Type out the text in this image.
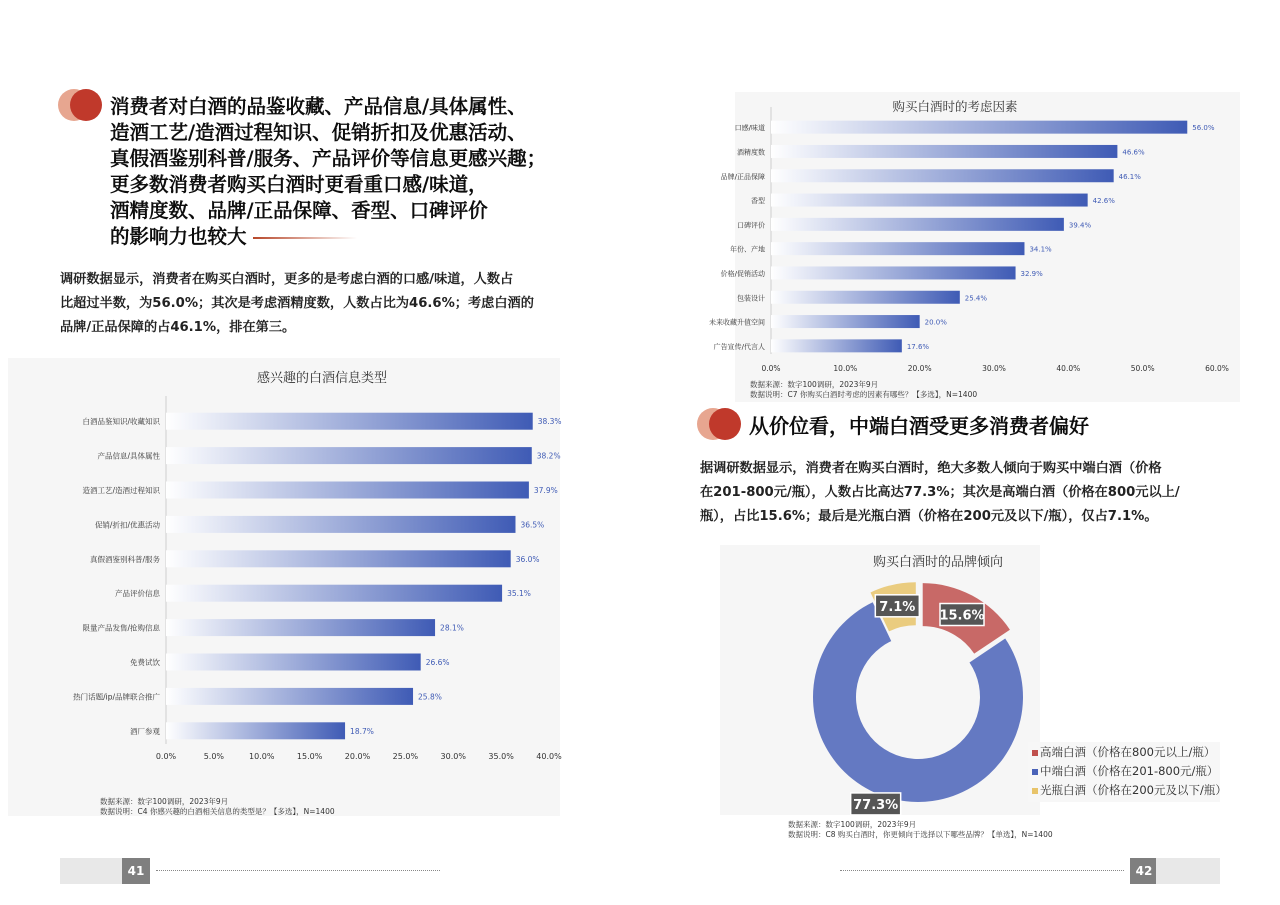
消费者对白酒的品鉴收藏、产品信息/具体属性、
造酒工艺/造酒过程知识、促销折扣及优惠活动、
真假酒鉴别科普/服务、产品评价等信息更感兴趣；
更多数消费者购买白酒时更看重口感/味道，
酒精度数、品牌/正品保障、香型、口碑评价
的影响力也较大
调研数据显示，消费者在购买白酒时，更多的是考虑白酒的口感/味道，人数占
比超过半数，为56.0%；其次是考虑酒精度数，人数占比为46.6%；考虑白酒的
品牌/正品保障的占46.1%，排在第三。
感兴趣的白酒信息类型
白酒品鉴知识/收藏知识	38.3%
产品信息/具体属性	38.2%
造酒工艺/造酒过程知识	37.9%
促销/折扣/优惠活动	36.5%
真假酒鉴别科普/服务	36.0%
产品评价信息	35.1%
限量产品发售/抢购信息	28.1%
免费试饮	26.6%
热门话题/ip/品牌联合推广	25.8%
酒厂参观	18.7%
0.0%	5.0%	10.0%	15.0%	20.0%	25.0%	30.0%	35.0%	40.0%
数据来源：数字100调研，2023年9月
数据说明：C4 你感兴趣的白酒相关信息的类型是？【多选】，N=1400
41
购买白酒时的考虑因素
口感/味道	56.0%
酒精度数	46.6%
品牌/正品保障	46.1%
香型	42.6%
口碑评价	39.4%
年份、产地	34.1%
价格/促销活动	32.9%
包装设计	25.4%
未来收藏升值空间	20.0%
广告宣传/代言人	17.6%
0.0%	10.0%	20.0%	30.0%	40.0%	50.0%	60.0%
数据来源：数字100调研，2023年9月
数据说明：C7 你购买白酒时考虑的因素有哪些？【多选】，N=1400
从价位看，中端白酒受更多消费者偏好
据调研数据显示，消费者在购买白酒时，绝大多数人倾向于购买中端白酒（价格
在201-800元/瓶），人数占比高达77.3%；其次是高端白酒（价格在800元以上/
瓶），占比15.6%；最后是光瓶白酒（价格在200元及以下/瓶），仅占7.1%。
购买白酒时的品牌倾向
15.6%
77.3%
7.1%
高端白酒（价格在800元以上/瓶）
中端白酒（价格在201-800元/瓶）
光瓶白酒（价格在200元及以下/瓶）
数据来源：数字100调研，2023年9月
数据说明：C8 购买白酒时，你更倾向于选择以下哪些品牌？【单选】，N=1400
42
